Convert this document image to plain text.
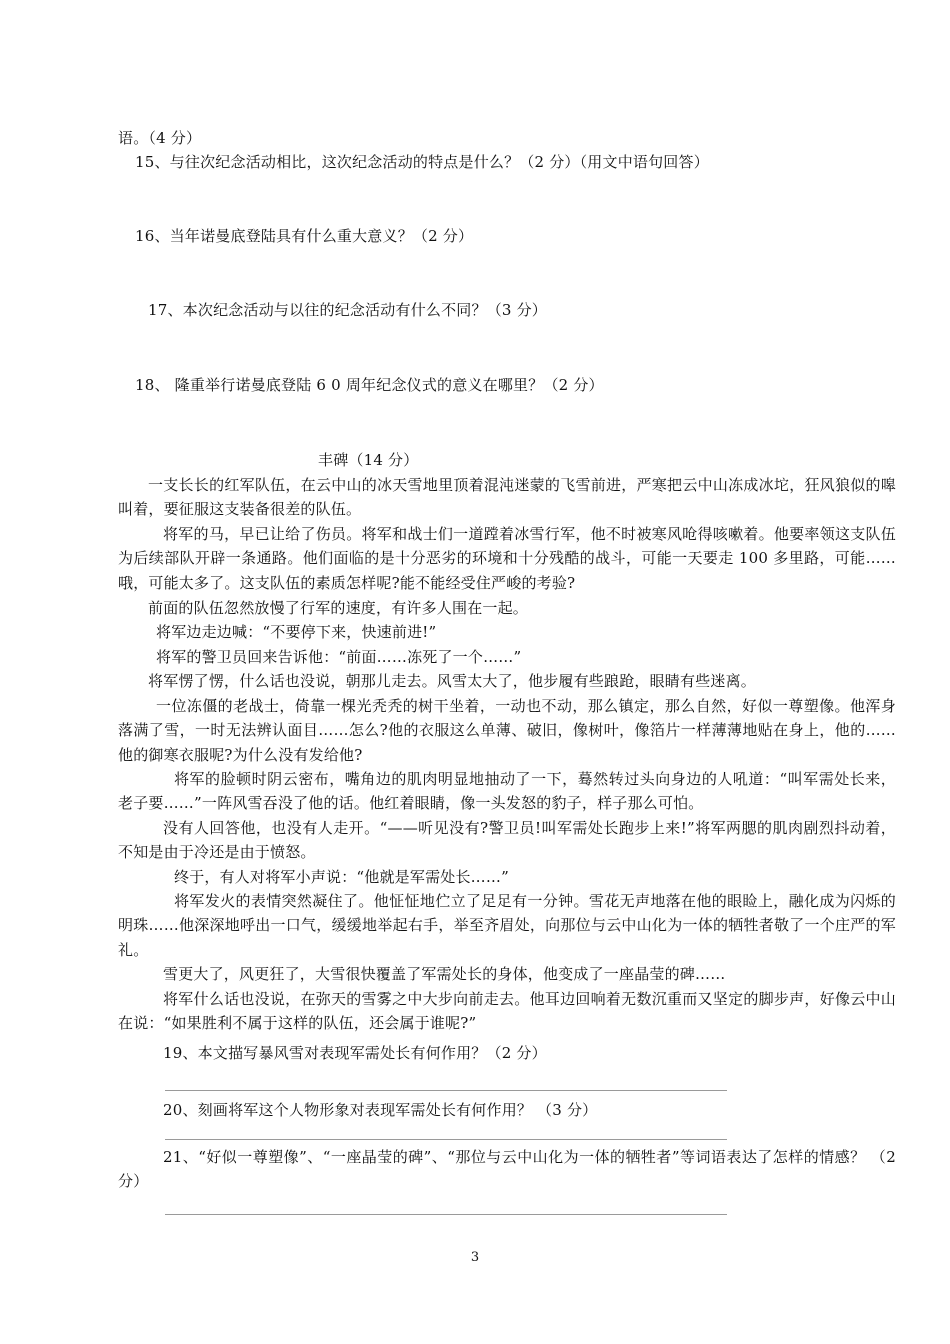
语。（4 分）
15、与往次纪念活动相比，这次纪念活动的特点是什么？（2 分）（用文中语句回答）
16、当年诺曼底登陆具有什么重大意义？（2 分）
17、本次纪念活动与以往的纪念活动有什么不同？（3 分）
18、 隆重举行诺曼底登陆 6 0 周年纪念仪式的意义在哪里？（2 分）
丰碑（14 分）
一支长长的红军队伍，在云中山的冰天雪地里顶着混沌迷蒙的飞雪前进，严寒把云中山冻成冰坨，狂风狼似的嗥叫着，要征服这支装备很差的队伍。
将军的马，早已让给了伤员。将军和战士们一道蹚着冰雪行军，他不时被寒风呛得咳嗽着。他要率领这支队伍为后续部队开辟一条通路。他们面临的是十分恶劣的环境和十分残酷的战斗，可能一天要走 100 多里路，可能……哦，可能太多了。这支队伍的素质怎样呢?能不能经受住严峻的考验?
前面的队伍忽然放慢了行军的速度，有许多人围在一起。
将军边走边喊：“不要停下来，快速前进!”
将军的警卫员回来告诉他：“前面……冻死了一个……”
将军愣了愣，什么话也没说，朝那儿走去。风雪太大了，他步履有些踉跄，眼睛有些迷离。
一位冻僵的老战士，倚靠一棵光秃秃的树干坐着，一动也不动，那么镇定，那么自然，好似一尊塑像。他浑身落满了雪，一时无法辨认面目……怎么?他的衣服这么单薄、破旧，像树叶，像箔片一样薄薄地贴在身上，他的……他的御寒衣服呢?为什么没有发给他?
将军的脸顿时阴云密布，嘴角边的肌肉明显地抽动了一下，蓦然转过头向身边的人吼道：“叫军需处长来，老子要……”一阵风雪吞没了他的话。他红着眼睛，像一头发怒的豹子，样子那么可怕。
没有人回答他，也没有人走开。“——听见没有?警卫员!叫军需处长跑步上来!”将军两腮的肌肉剧烈抖动着，不知是由于冷还是由于愤怒。
终于，有人对将军小声说：“他就是军需处长……”
将军发火的表情突然凝住了。他怔怔地伫立了足足有一分钟。雪花无声地落在他的眼睑上，融化成为闪烁的明珠……他深深地呼出一口气，缓缓地举起右手，举至齐眉处，向那位与云中山化为一体的牺牲者敬了一个庄严的军礼。
雪更大了，风更狂了，大雪很快覆盖了军需处长的身体，他变成了一座晶莹的碑……
将军什么话也没说，在弥天的雪雾之中大步向前走去。他耳边回响着无数沉重而又坚定的脚步声，好像云中山在说：“如果胜利不属于这样的队伍，还会属于谁呢?”
19、本文描写暴风雪对表现军需处长有何作用？（2 分）
20、刻画将军这个人物形象对表现军需处长有何作用？ （3 分）
21、“好似一尊塑像”、“一座晶莹的碑”、“那位与云中山化为一体的牺牲者”等词语表达了怎样的情感？ （2 分）
3
